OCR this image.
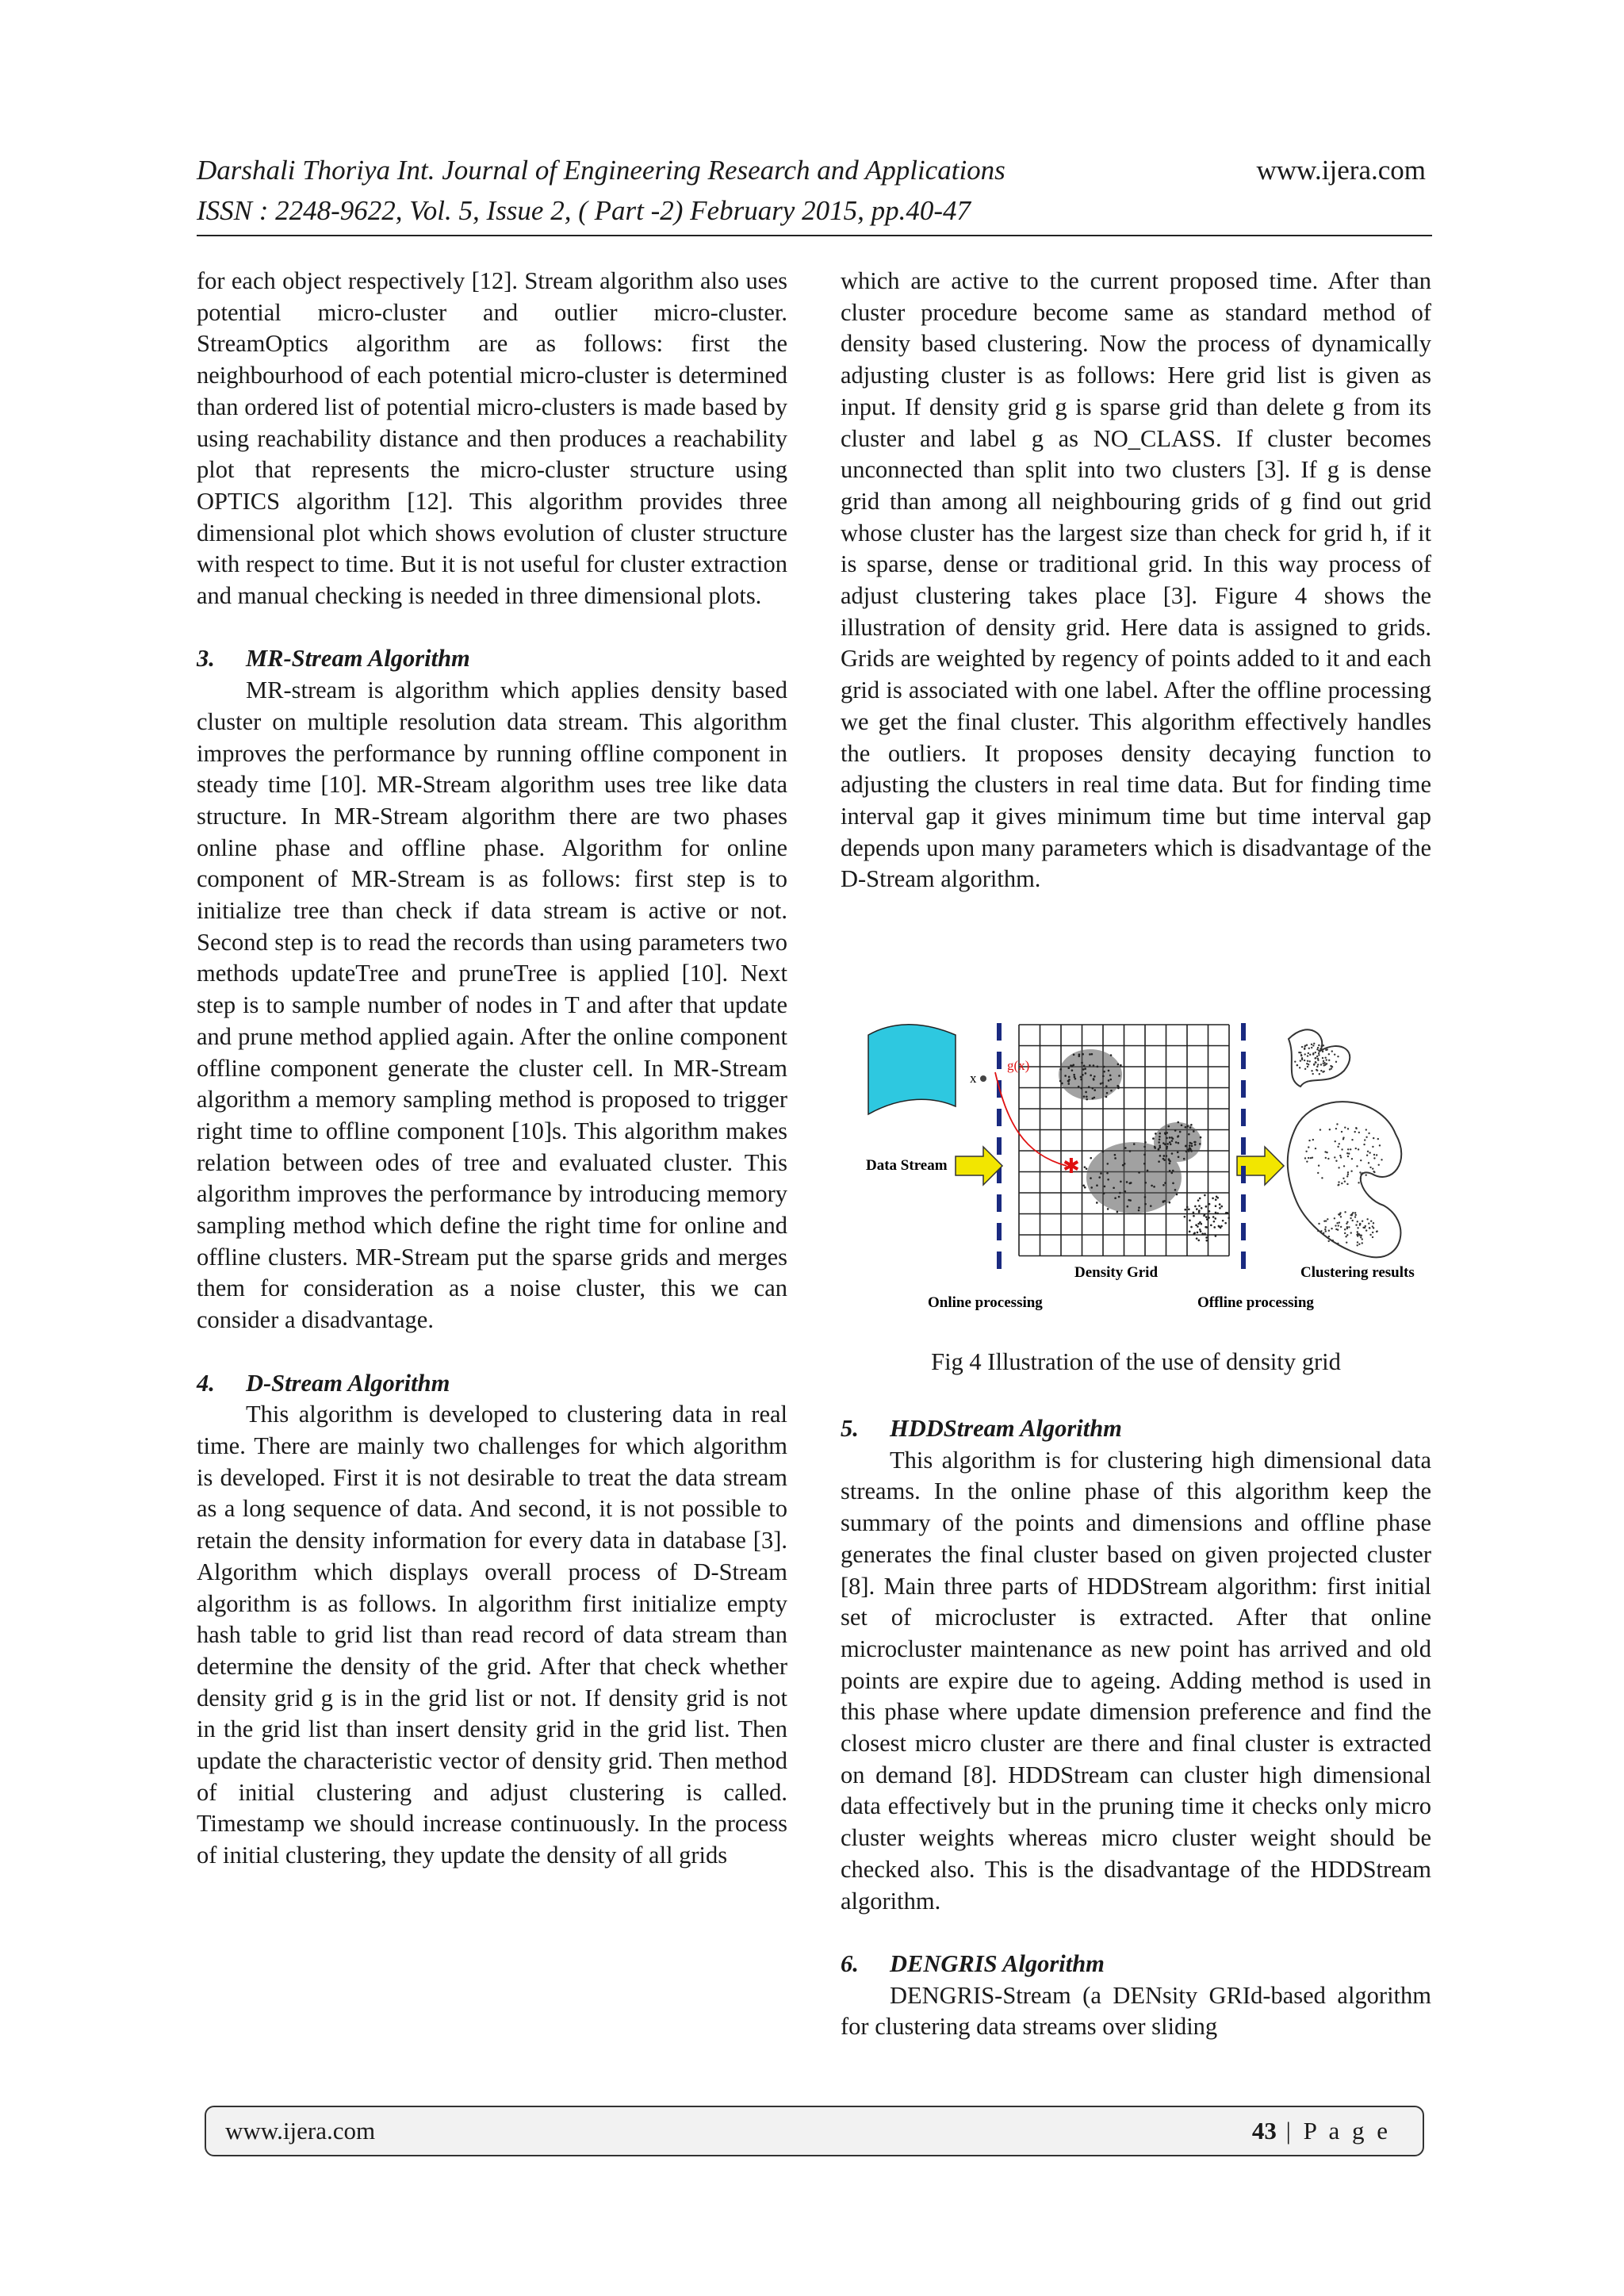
Darshali Thoriya Int. Journal of Engineering Research and Applications	www.ijera.com
ISSN : 2248-9622, Vol. 5, Issue 2, ( Part -2) February 2015, pp.40-47

for each object respectively [12]. Stream algorithm also uses potential micro-cluster and outlier micro-cluster. StreamOptics algorithm are as follows: first the neighbourhood of each potential micro-cluster is determined than ordered list of potential micro-clusters is made based by using reachability distance and then produces a reachability plot that represents the micro-cluster structure using OPTICS algorithm [12]. This algorithm provides three dimensional plot which shows evolution of cluster structure with respect to time. But it is not useful for cluster extraction and manual checking is needed in three dimensional plots.

3. MR-Stream Algorithm

MR-stream is algorithm which applies density based cluster on multiple resolution data stream. This algorithm improves the performance by running offline component in steady time [10]. MR-Stream algorithm uses tree like data structure. In MR-Stream algorithm there are two phases online phase and offline phase. Algorithm for online component of MR-Stream is as follows: first step is to initialize tree than check if data stream is active or not. Second step is to read the records than using parameters two methods updateTree and pruneTree is applied [10]. Next step is to sample number of nodes in T and after that update and prune method applied again. After the online component offline component generate the cluster cell. In MR-Stream algorithm a memory sampling method is proposed to trigger right time to offline component [10]s. This algorithm makes relation between odes of tree and evaluated cluster. This algorithm improves the performance by introducing memory sampling method which define the right time for online and offline clusters. MR-Stream put the sparse grids and merges them for consideration as a noise cluster, this we can consider a disadvantage.

4. D-Stream Algorithm

This algorithm is developed to clustering data in real time. There are mainly two challenges for which algorithm is developed. First it is not desirable to treat the data stream as a long sequence of data. And second, it is not possible to retain the density information for every data in database [3]. Algorithm which displays overall process of D-Stream algorithm is as follows. In algorithm first initialize empty hash table to grid list than read record of data stream than determine the density of the grid. After that check whether density grid g is in the grid list or not. If density grid is not in the grid list than insert density grid in the grid list. Then update the characteristic vector of density grid. Then method of initial clustering and adjust clustering is called. Timestamp we should increase continuously. In the process of initial clustering, they update the density of all grids

which are active to the current proposed time. After than cluster procedure become same as standard method of density based clustering. Now the process of dynamically adjusting cluster is as follows: Here grid list is given as input. If density grid g is sparse grid than delete g from its cluster and label g as NO_CLASS. If cluster becomes unconnected than split into two clusters [3]. If g is dense grid than among all neighbouring grids of g find out grid whose cluster has the largest size than check for grid h, if it is sparse, dense or traditional grid. In this way process of adjust clustering takes place [3]. Figure 4 shows the illustration of density grid. Here data is assigned to grids. Grids are weighted by regency of points added to it and each grid is associated with one label. After the offline processing we get the final cluster. This algorithm effectively handles the outliers. It proposes density decaying function to adjusting the clusters in real time data. But for finding time interval gap it gives minimum time but time interval gap depends upon many parameters which is disadvantage of the D-Stream algorithm.

Data Stream
x
g(x)
✱
Density Grid	Clustering results
Online processing	Offline processing
Fig 4 Illustration of the use of density grid
5. HDDStream Algorithm

This algorithm is for clustering high dimensional data streams. In the online phase of this algorithm keep the summary of the points and dimensions and offline phase generates the final cluster based on given projected cluster [8]. Main three parts of HDDStream algorithm: first initial set of microcluster is extracted. After that online microcluster maintenance as new point has arrived and old points are expire due to ageing. Adding method is used in this phase where update dimension preference and find the closest micro cluster are there and final cluster is extracted on demand [8]. HDDStream can cluster high dimensional data effectively but in the pruning time it checks only micro cluster weights whereas micro cluster weight should be checked also. This is the disadvantage of the HDDStream algorithm.

6. DENGRIS Algorithm

DENGRIS-Stream (a DENsity GRId-based algorithm for clustering data streams over sliding

www.ijera.com	43 | P a g e
